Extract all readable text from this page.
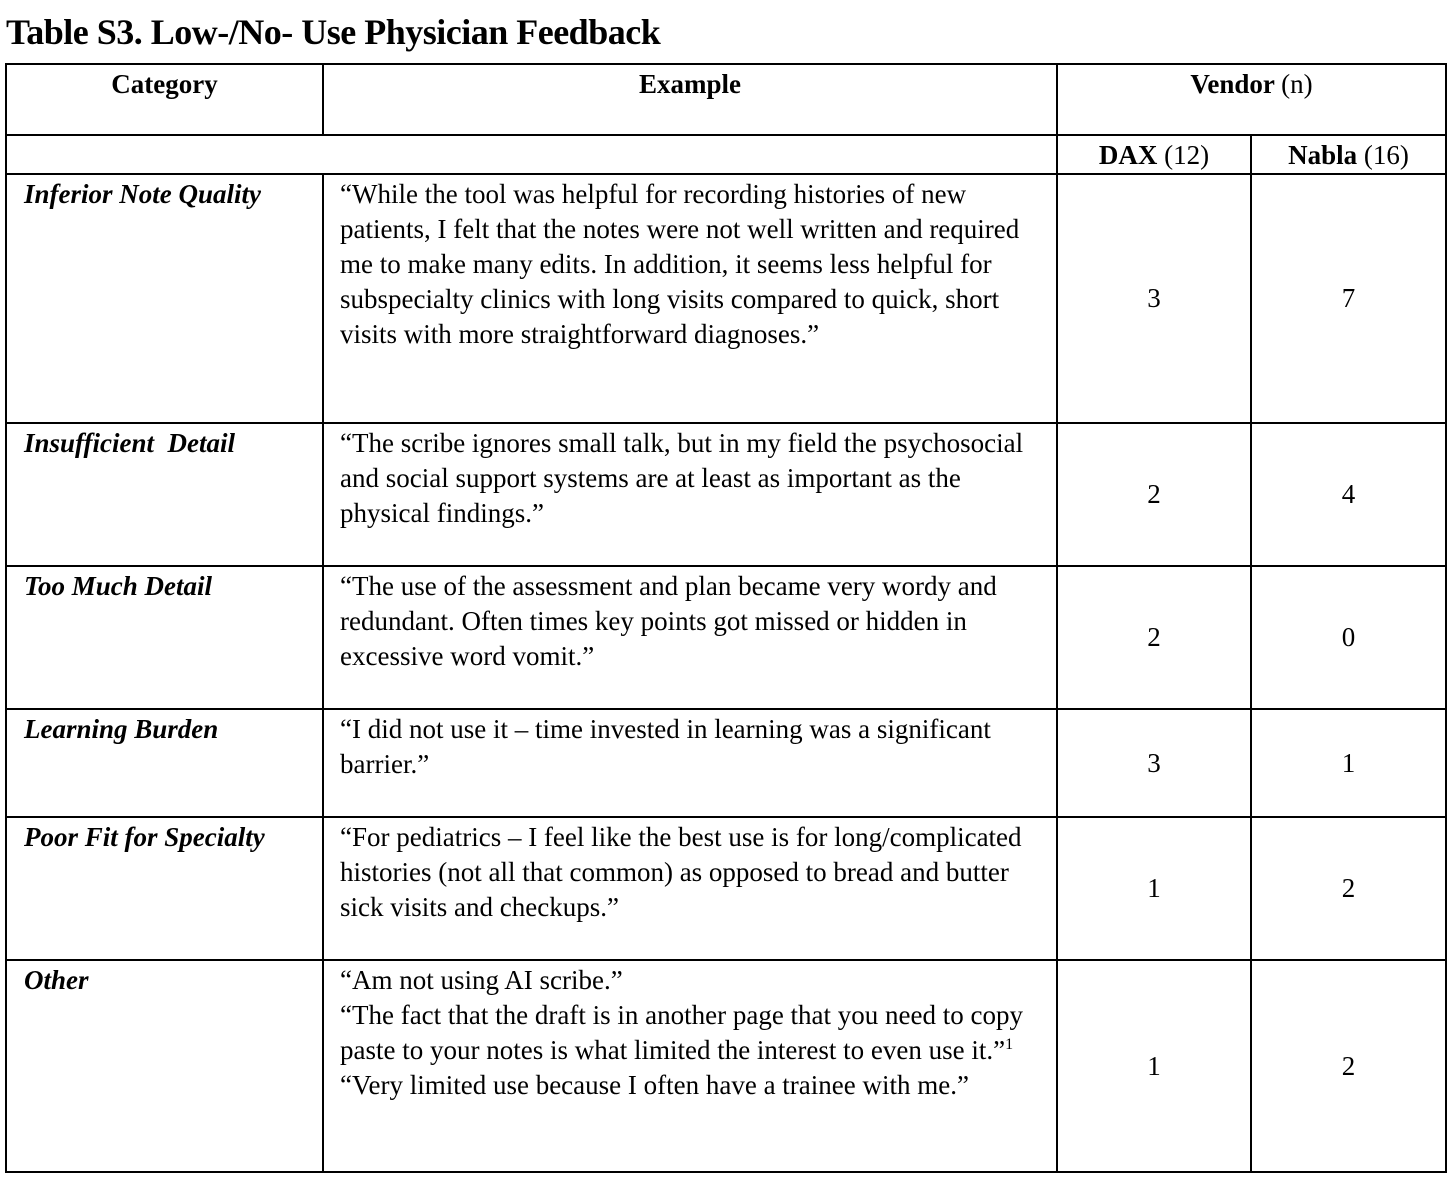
Table S3. Low-/No- Use Physician Feedback
Category	Example	Vendor (n)	
		DAX (12)	Nabla (16)
Inferior Note Quality	“While the tool was helpful for recording histories of new patients, I felt that the notes were not well written and required me to make many edits. In addition, it seems less helpful for subspecialty clinics with long visits compared to quick, short visits with more straightforward diagnoses.”	3	7
Insufficient  Detail	“The scribe ignores small talk, but in my field the psychosocial and social support systems are at least as important as the physical findings.”	2	4
Too Much Detail	“The use of the assessment and plan became very wordy and redundant. Often times key points got missed or hidden in excessive word vomit.”	2	0
Learning Burden	“I did not use it – time invested in learning was a significant barrier.”	3	1
Poor Fit for Specialty	“For pediatrics – I feel like the best use is for long/complicated histories (not all that common) as opposed to bread and butter sick visits and checkups.”	1	2
Other	“Am not using AI scribe.”
“The fact that the draft is in another page that you need to copy paste to your notes is what limited the interest to even use it.”$^1$
“Very limited use because I often have a trainee with me.”	1	2
